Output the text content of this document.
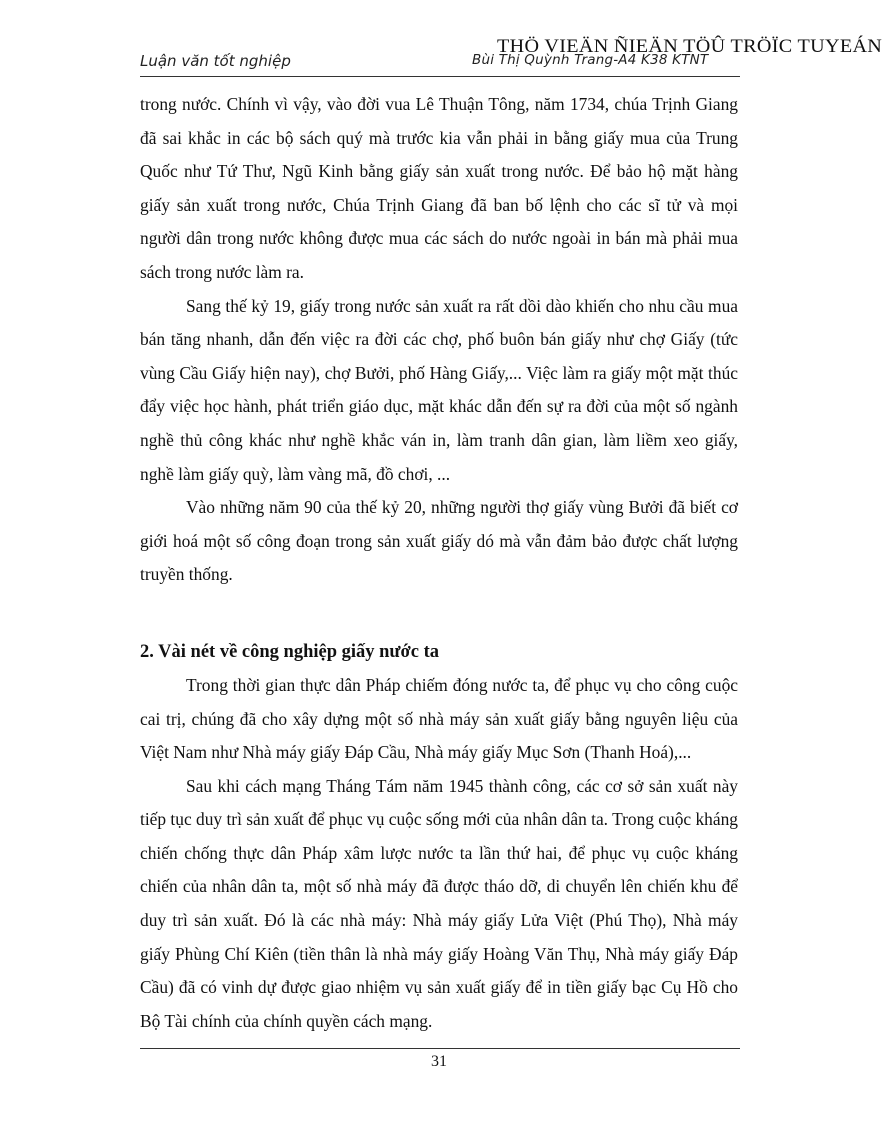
THÖ VIEÄN ÑIEÄN TÖÛ TRÖÏC TUYEÁN
Luận văn tốt nghiệp	Bùi Thị Quỳnh Trang-A4 K38 KTNT

trong nước. Chính vì vậy, vào đời vua Lê Thuận Tông, năm 1734, chúa Trịnh Giang đã sai khắc in các bộ sách quý mà trước kia vẫn phải in bằng giấy mua của Trung Quốc như Tứ Thư, Ngũ Kinh bằng giấy sản xuất trong nước. Để bảo hộ mặt hàng giấy sản xuất trong nước, Chúa Trịnh Giang đã ban bố lệnh cho các sĩ tử và mọi người dân trong nước không được mua các sách do nước ngoài in bán mà phải mua sách trong nước làm ra.

Sang thế kỷ 19, giấy trong nước sản xuất ra rất dồi dào khiến cho nhu cầu mua bán tăng nhanh, dẫn đến việc ra đời các chợ, phố buôn bán giấy như chợ Giấy (tức vùng Cầu Giấy hiện nay), chợ Bưởi, phố Hàng Giấy,... Việc làm ra giấy một mặt thúc đẩy việc học hành, phát triển giáo dục, mặt khác dẫn đến sự ra đời của một số ngành nghề thủ công khác như nghề khắc ván in, làm tranh dân gian, làm liềm xeo giấy, nghề làm giấy quỳ, làm vàng mã, đồ chơi, ...

Vào những năm 90 của thế kỷ 20, những người thợ giấy vùng Bưởi đã biết cơ giới hoá một số công đoạn trong sản xuất giấy dó mà vẫn đảm bảo được chất lượng truyền thống.

2. Vài nét về công nghiệp giấy nước ta

Trong thời gian thực dân Pháp chiếm đóng nước ta, để phục vụ cho công cuộc cai trị, chúng đã cho xây dựng một số nhà máy sản xuất giấy bằng nguyên liệu của Việt Nam như Nhà máy giấy Đáp Cầu, Nhà máy giấy Mục Sơn (Thanh Hoá),...

Sau khi cách mạng Tháng Tám năm 1945 thành công, các cơ sở sản xuất này tiếp tục duy trì sản xuất để phục vụ cuộc sống mới của nhân dân ta. Trong cuộc kháng chiến chống thực dân Pháp xâm lược nước ta lần thứ hai, để phục vụ cuộc kháng chiến của nhân dân ta, một số nhà máy đã được tháo dỡ, di chuyển lên chiến khu để duy trì sản xuất. Đó là các nhà máy: Nhà máy giấy Lửa Việt (Phú Thọ), Nhà máy giấy Phùng Chí Kiên (tiền thân là nhà máy giấy Hoàng Văn Thụ, Nhà máy giấy Đáp Cầu) đã có vinh dự được giao nhiệm vụ sản xuất giấy để in tiền giấy bạc Cụ Hồ cho Bộ Tài chính của chính quyền cách mạng.

31
